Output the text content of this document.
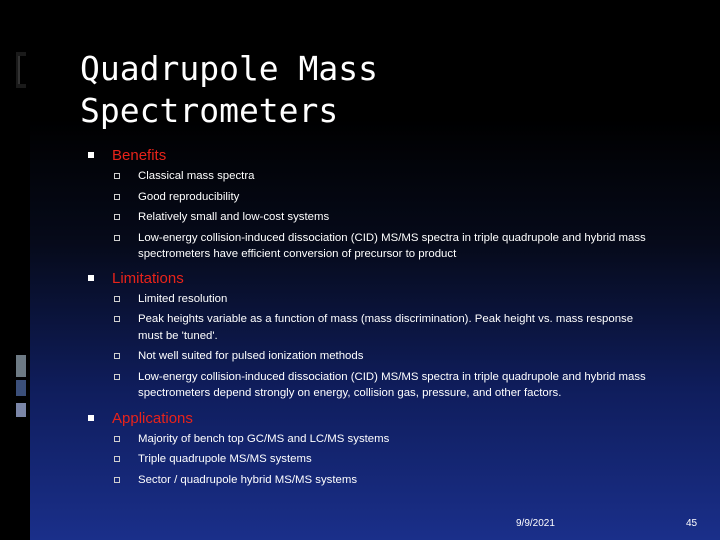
Quadrupole Mass
Spectrometers
Benefits
Classical mass spectra
Good reproducibility
Relatively small and low-cost systems
Low-energy collision-induced dissociation (CID) MS/MS spectra in triple quadrupole and hybrid mass spectrometers have efficient conversion of precursor to product
Limitations
Limited resolution
Peak heights variable as a function of mass (mass discrimination). Peak height vs. mass response must be 'tuned'.
Not well suited for pulsed ionization methods
Low-energy collision-induced dissociation (CID) MS/MS spectra in triple quadrupole and hybrid mass spectrometers depend strongly on energy, collision gas, pressure, and other factors.
Applications
Majority of bench top GC/MS and LC/MS systems
Triple quadrupole MS/MS systems
Sector / quadrupole hybrid MS/MS systems
9/9/2021	45
